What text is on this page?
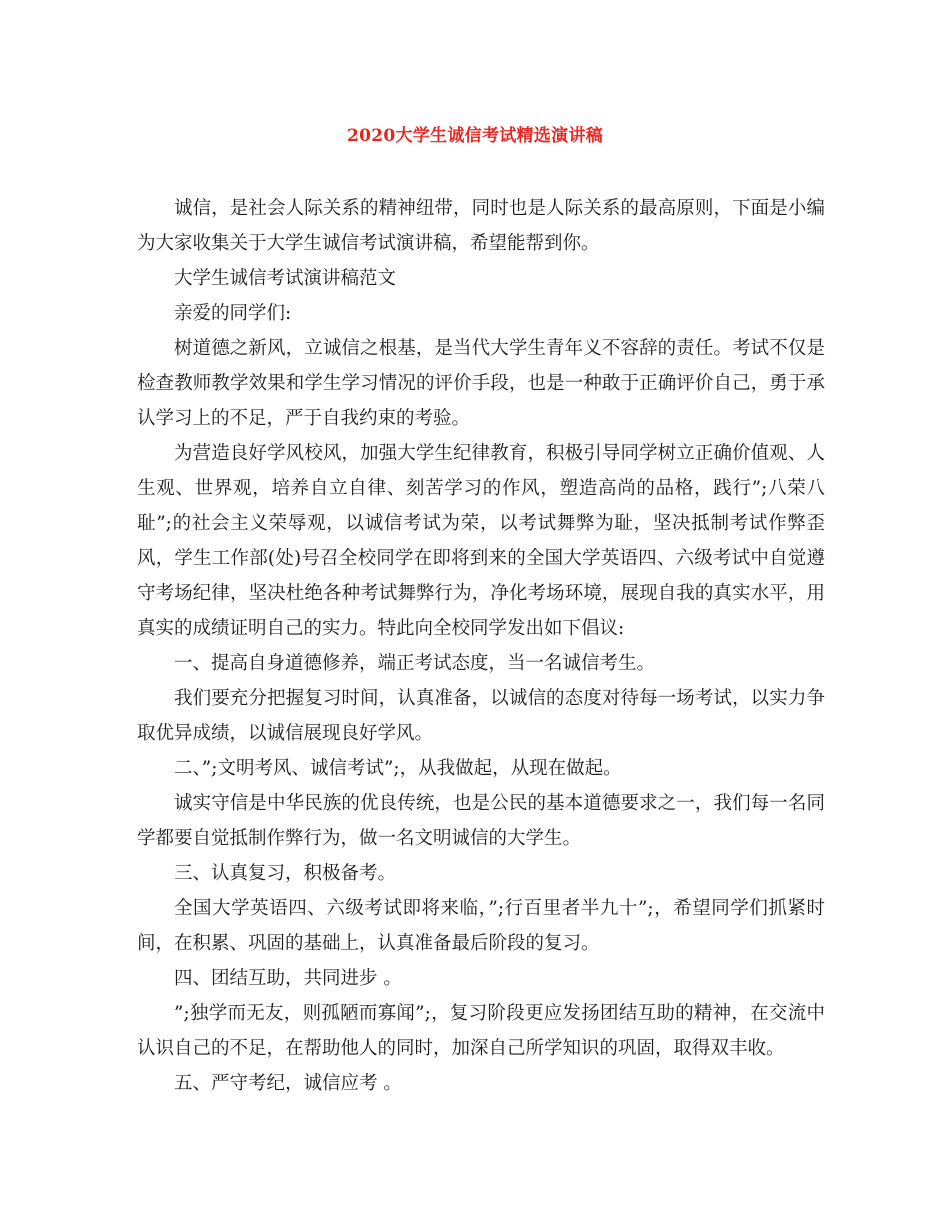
2020大学生诚信考试精选演讲稿

诚信，是社会人际关系的精神纽带，同时也是人际关系的最高原则，下面是小编为大家收集关于大学生诚信考试演讲稿，希望能帮到你。

大学生诚信考试演讲稿范文

亲爱的同学们:

树道德之新风，立诚信之根基，是当代大学生青年义不容辞的责任。考试不仅是检查教师教学效果和学生学习情况的评价手段，也是一种敢于正确评价自己，勇于承认学习上的不足，严于自我约束的考验。

为营造良好学风校风，加强大学生纪律教育，积极引导同学树立正确价值观、人生观、世界观，培养自立自律、刻苦学习的作风，塑造高尚的品格，践行”;八荣八耻”;的社会主义荣辱观，以诚信考试为荣，以考试舞弊为耻，坚决抵制考试作弊歪风，学生工作部(处)号召全校同学在即将到来的全国大学英语四、六级考试中自觉遵守考场纪律，坚决杜绝各种考试舞弊行为，净化考场环境，展现自我的真实水平，用真实的成绩证明自己的实力。特此向全校同学发出如下倡议:

一、提高自身道德修养，端正考试态度，当一名诚信考生。

我们要充分把握复习时间，认真准备，以诚信的态度对待每一场考试，以实力争取优异成绩，以诚信展现良好学风。

二、”;文明考风、诚信考试”;，从我做起，从现在做起。

诚实守信是中华民族的优良传统，也是公民的基本道德要求之一，我们每一名同学都要自觉抵制作弊行为，做一名文明诚信的大学生。

三、认真复习，积极备考。

全国大学英语四、六级考试即将来临，”;行百里者半九十”;，希望同学们抓紧时间，在积累、巩固的基础上，认真准备最后阶段的复习。

四、团结互助，共同进步 。

”;独学而无友，则孤陋而寡闻”;，复习阶段更应发扬团结互助的精神，在交流中认识自己的不足，在帮助他人的同时，加深自己所学知识的巩固，取得双丰收。

五、严守考纪，诚信应考 。
